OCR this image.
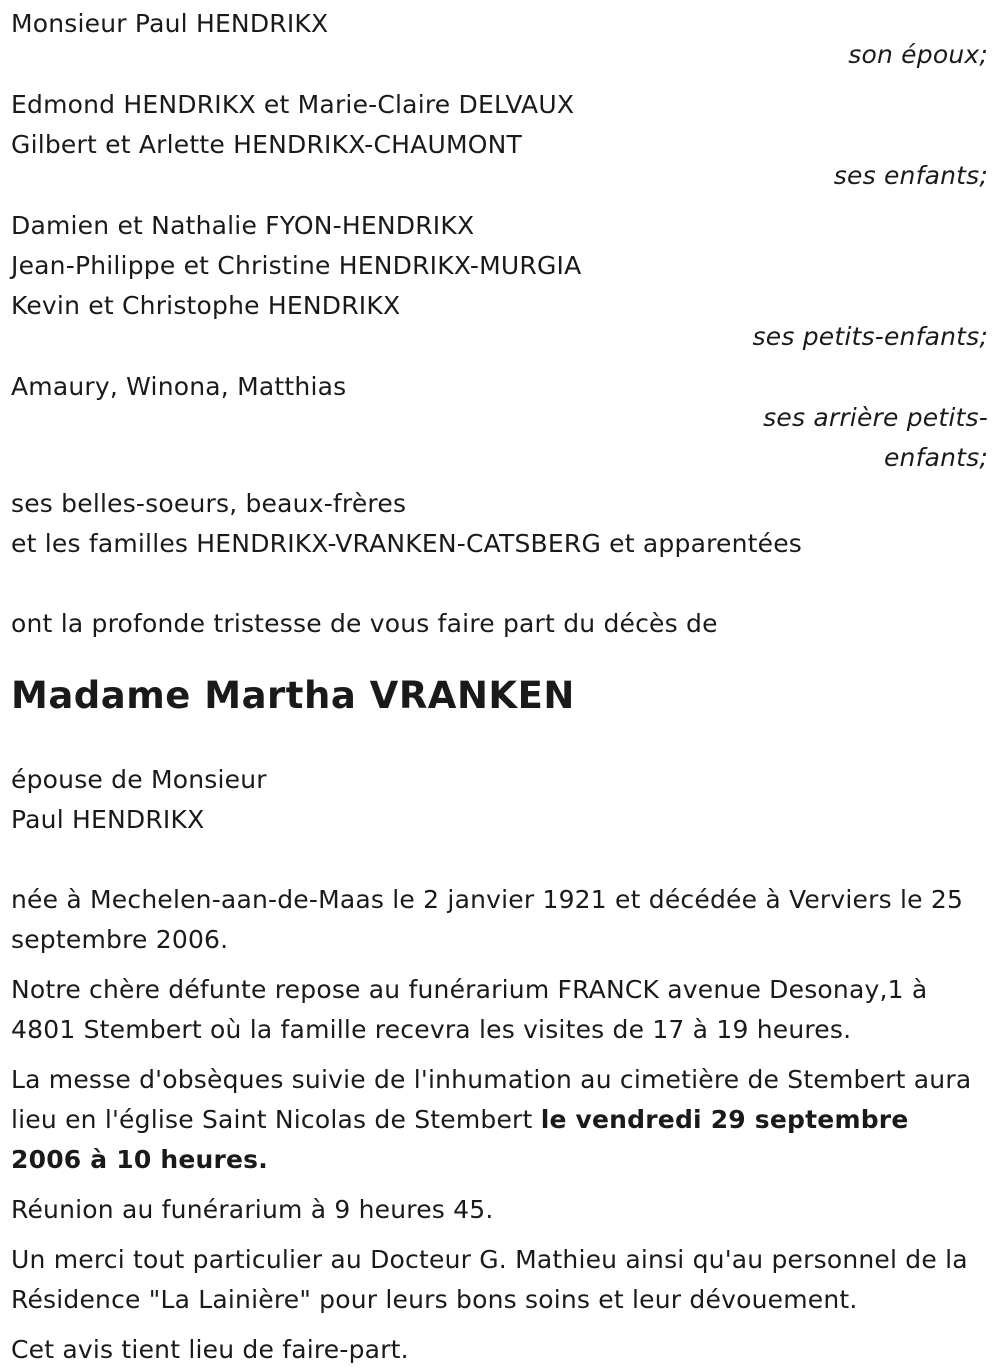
Monsieur Paul HENDRIKX

son époux;

Edmond HENDRIKX et Marie-Claire DELVAUX

Gilbert et Arlette HENDRIKX-CHAUMONT

ses enfants;

Damien et Nathalie FYON-HENDRIKX

Jean-Philippe et Christine HENDRIKX-MURGIA

Kevin et Christophe HENDRIKX

ses petits-enfants;

Amaury, Winona, Matthias

ses arrière petits-enfants;

ses belles-soeurs, beaux-frères

et les familles HENDRIKX-VRANKEN-CATSBERG et apparentées

ont la profonde tristesse de vous faire part du décès de

Madame Martha VRANKEN

épouse de Monsieur

Paul HENDRIKX

née à Mechelen-aan-de-Maas le 2 janvier 1921 et décédée à Verviers le 25 septembre 2006.

Notre chère défunte repose au funérarium FRANCK avenue Desonay,1 à 4801 Stembert où la famille recevra les visites de 17 à 19 heures.

La messe d'obsèques suivie de l'inhumation au cimetière de Stembert aura lieu en l'église Saint Nicolas de Stembert le vendredi 29 septembre 2006 à 10 heures.

Réunion au funérarium à 9 heures 45.

Un merci tout particulier au Docteur G. Mathieu ainsi qu'au personnel de la Résidence "La Lainière" pour leurs bons soins et leur dévouement.

Cet avis tient lieu de faire-part.
